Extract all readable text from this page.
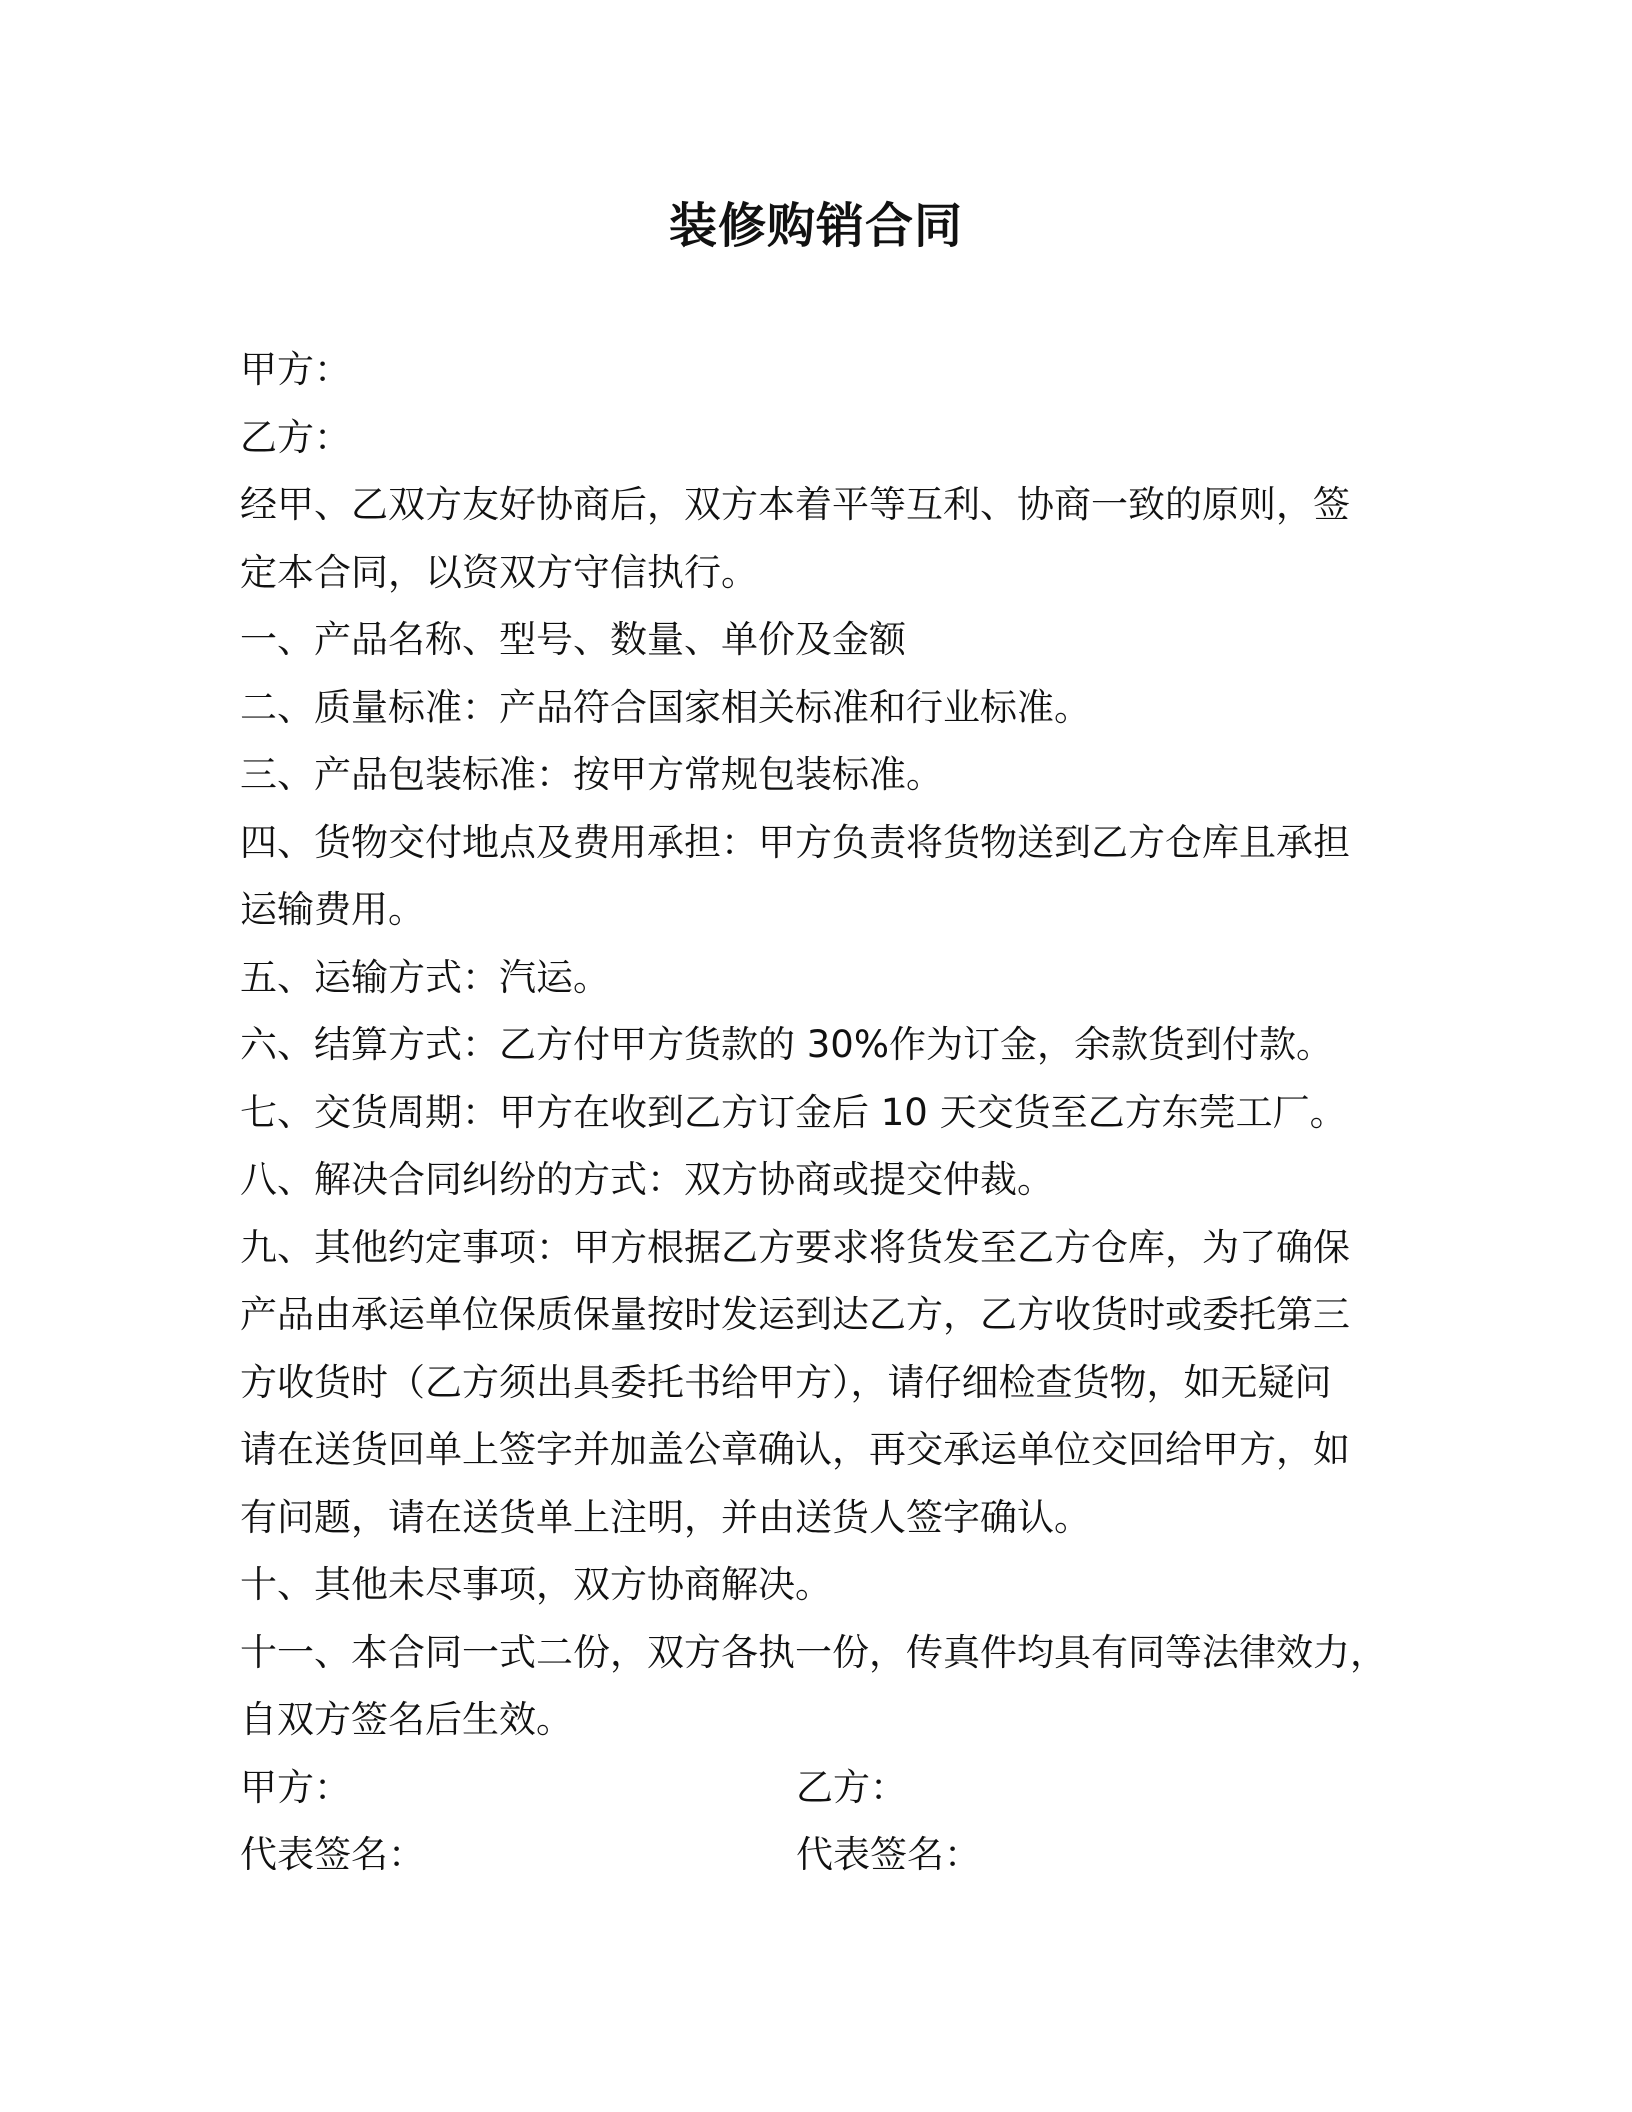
装修购销合同
甲方：
乙方：
经甲、乙双方友好协商后，双方本着平等互利、协商一致的原则，签
定本合同，以资双方守信执行。
一、产品名称、型号、数量、单价及金额
二、质量标准：产品符合国家相关标准和行业标准。
三、产品包装标准：按甲方常规包装标准。
四、货物交付地点及费用承担：甲方负责将货物送到乙方仓库且承担
运输费用。
五、运输方式：汽运。
六、结算方式：乙方付甲方货款的 30%作为订金，余款货到付款。
七、交货周期：甲方在收到乙方订金后 10 天交货至乙方东莞工厂。
八、解决合同纠纷的方式：双方协商或提交仲裁。
九、其他约定事项：甲方根据乙方要求将货发至乙方仓库，为了确保
产品由承运单位保质保量按时发运到达乙方，乙方收货时或委托第三
方收货时（乙方须出具委托书给甲方），请仔细检查货物，如无疑问
请在送货回单上签字并加盖公章确认，再交承运单位交回给甲方，如
有问题，请在送货单上注明，并由送货人签字确认。
十、其他未尽事项，双方协商解决。
十一、本合同一式二份，双方各执一份，传真件均具有同等法律效力，
自双方签名后生效。
甲方：	乙方：
代表签名：	代表签名：
